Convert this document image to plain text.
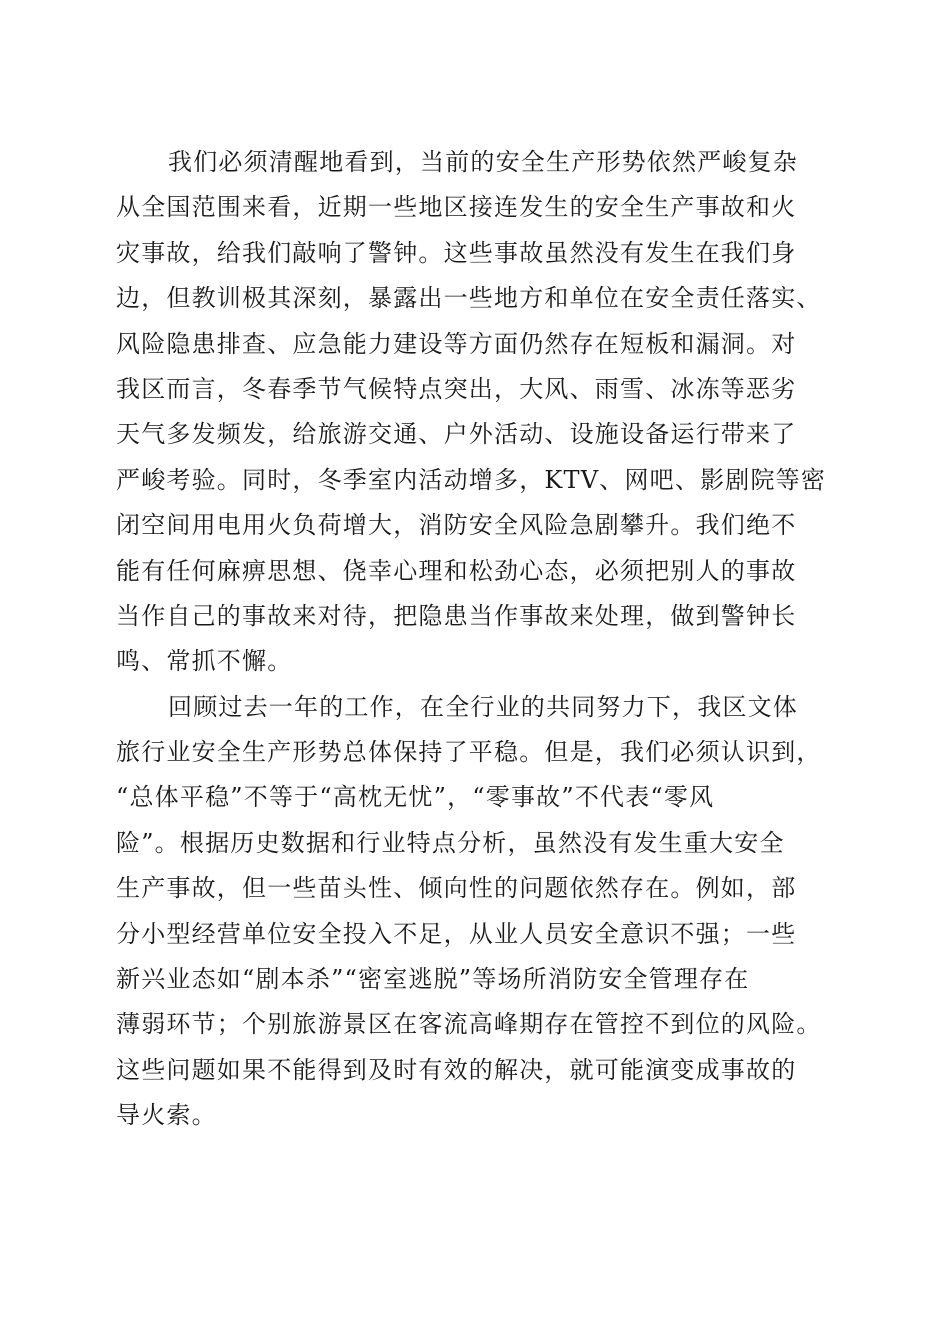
我们必须清醒地看到，当前的安全生产形势依然严峻复杂
从全国范围来看，近期一些地区接连发生的安全生产事故和火
灾事故，给我们敲响了警钟。这些事故虽然没有发生在我们身
边，但教训极其深刻，暴露出一些地方和单位在安全责任落实、
风险隐患排查、应急能力建设等方面仍然存在短板和漏洞。对
我区而言，冬春季节气候特点突出，大风、雨雪、冰冻等恶劣
天气多发频发，给旅游交通、户外活动、设施设备运行带来了
严峻考验。同时，冬季室内活动增多，KTV、网吧、影剧院等密
闭空间用电用火负荷增大，消防安全风险急剧攀升。我们绝不
能有任何麻痹思想、侥幸心理和松劲心态，必须把别人的事故
当作自己的事故来对待，把隐患当作事故来处理，做到警钟长
鸣、常抓不懈。
回顾过去一年的工作，在全行业的共同努力下，我区文体
旅行业安全生产形势总体保持了平稳。但是，我们必须认识到，
“总体平稳”不等于“高枕无忧”，“零事故”不代表“零风
险”。根据历史数据和行业特点分析，虽然没有发生重大安全
生产事故，但一些苗头性、倾向性的问题依然存在。例如，部
分小型经营单位安全投入不足，从业人员安全意识不强；一些
新兴业态如“剧本杀”“密室逃脱”等场所消防安全管理存在
薄弱环节；个别旅游景区在客流高峰期存在管控不到位的风险。
这些问题如果不能得到及时有效的解决，就可能演变成事故的
导火索。
